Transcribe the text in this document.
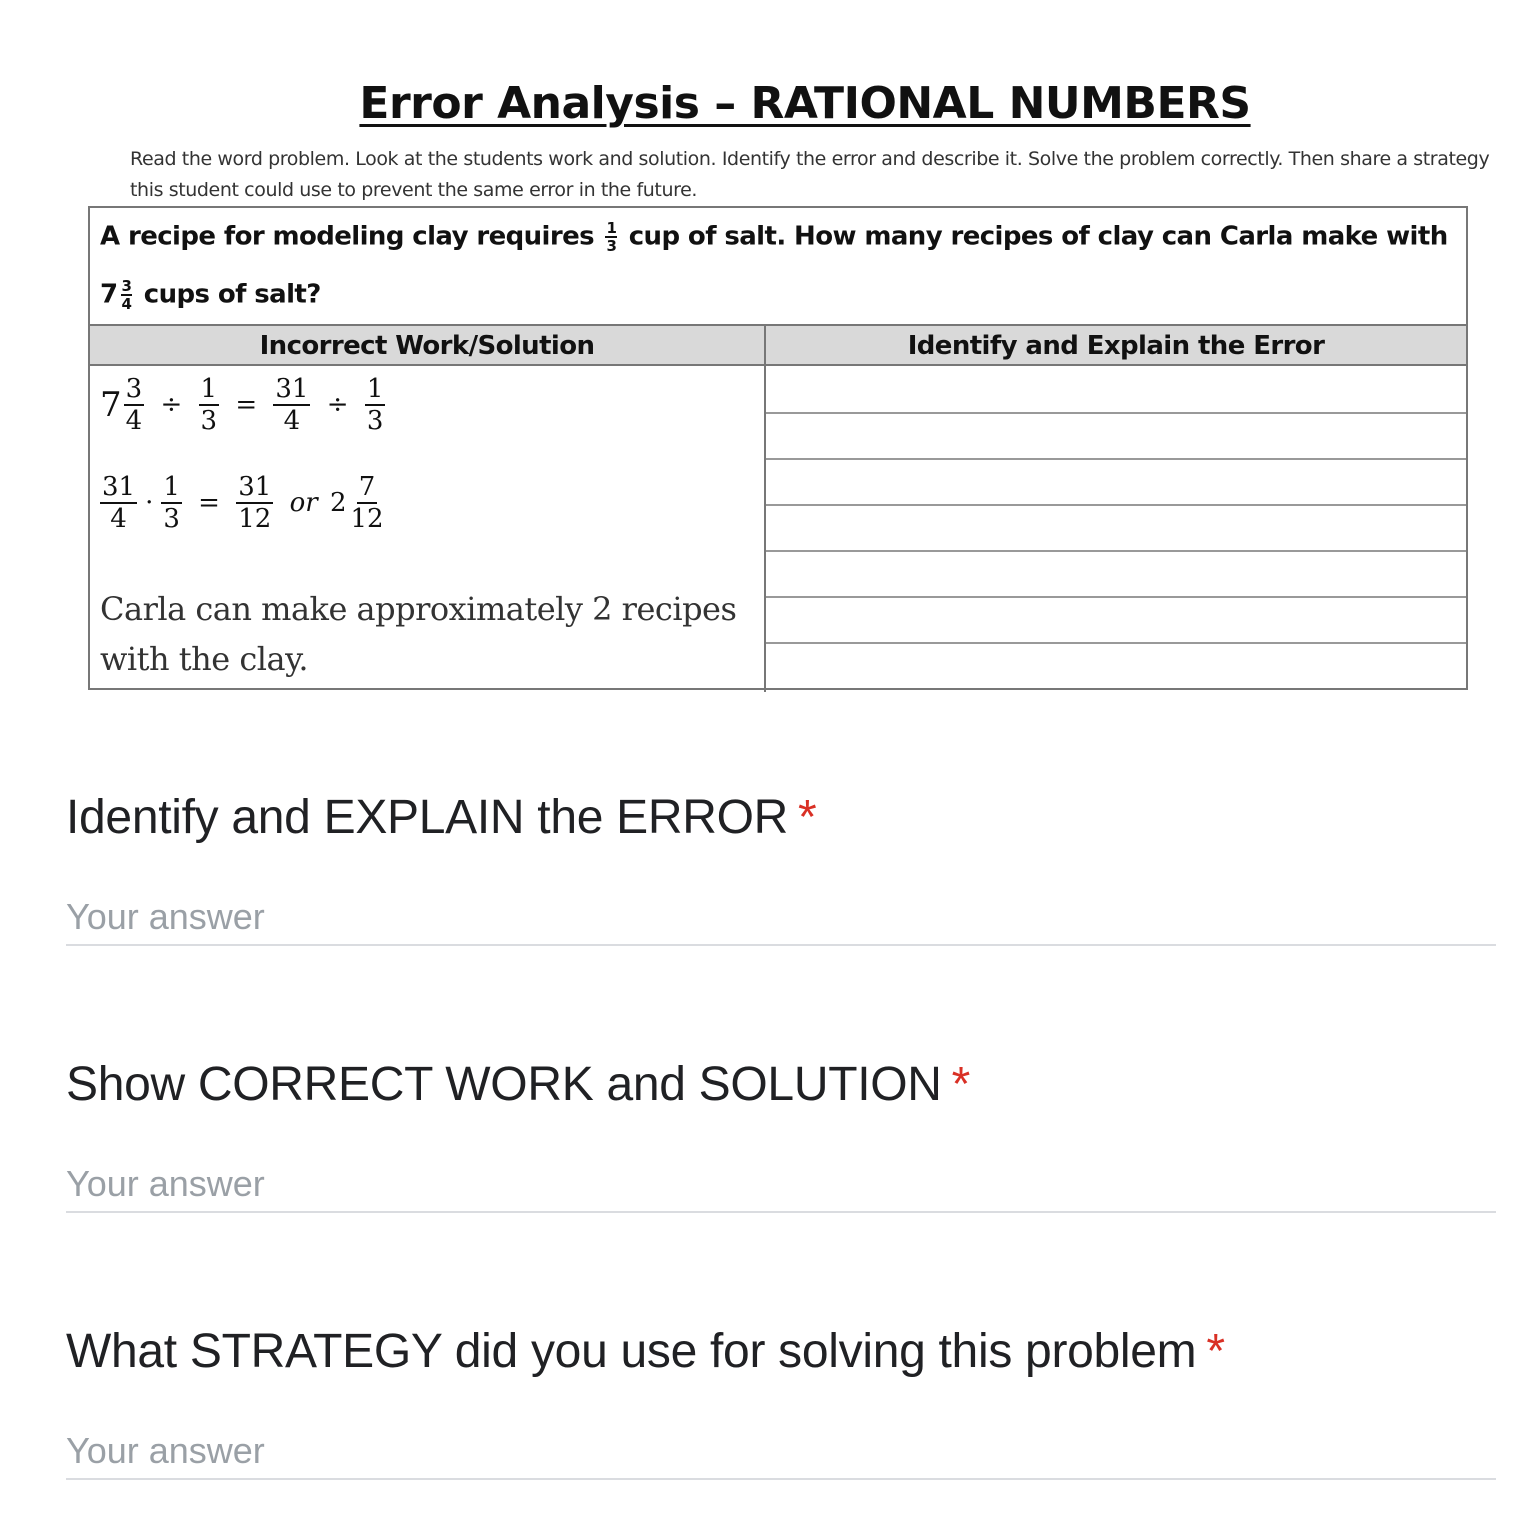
Error Analysis – RATIONAL NUMBERS
Read the word problem. Look at the students work and solution. Identify the error and describe it. Solve the problem correctly. Then share a strategy this student could use to prevent the same error in the future.
A recipe for modeling clay requires $\frac{1}{3}$ cup of salt. How many recipes of clay can Carla make with
$7 \frac{3}{4}$ cups of salt?
Incorrect Work/Solution	Identify and Explain the Error
$7 \frac{3}{4} \div \frac{1}{3} = \frac{31}{4} \div \frac{1}{3}$
$\frac{31}{4} \cdot \frac{1}{3} = \frac{31}{12}$ or $2 \frac{7}{12}$
Carla can make approximately 2 recipes with the clay.
Identify and EXPLAIN the ERROR *
Your answer
Show CORRECT WORK and SOLUTION *
Your answer
What STRATEGY did you use for solving this problem *
Your answer
